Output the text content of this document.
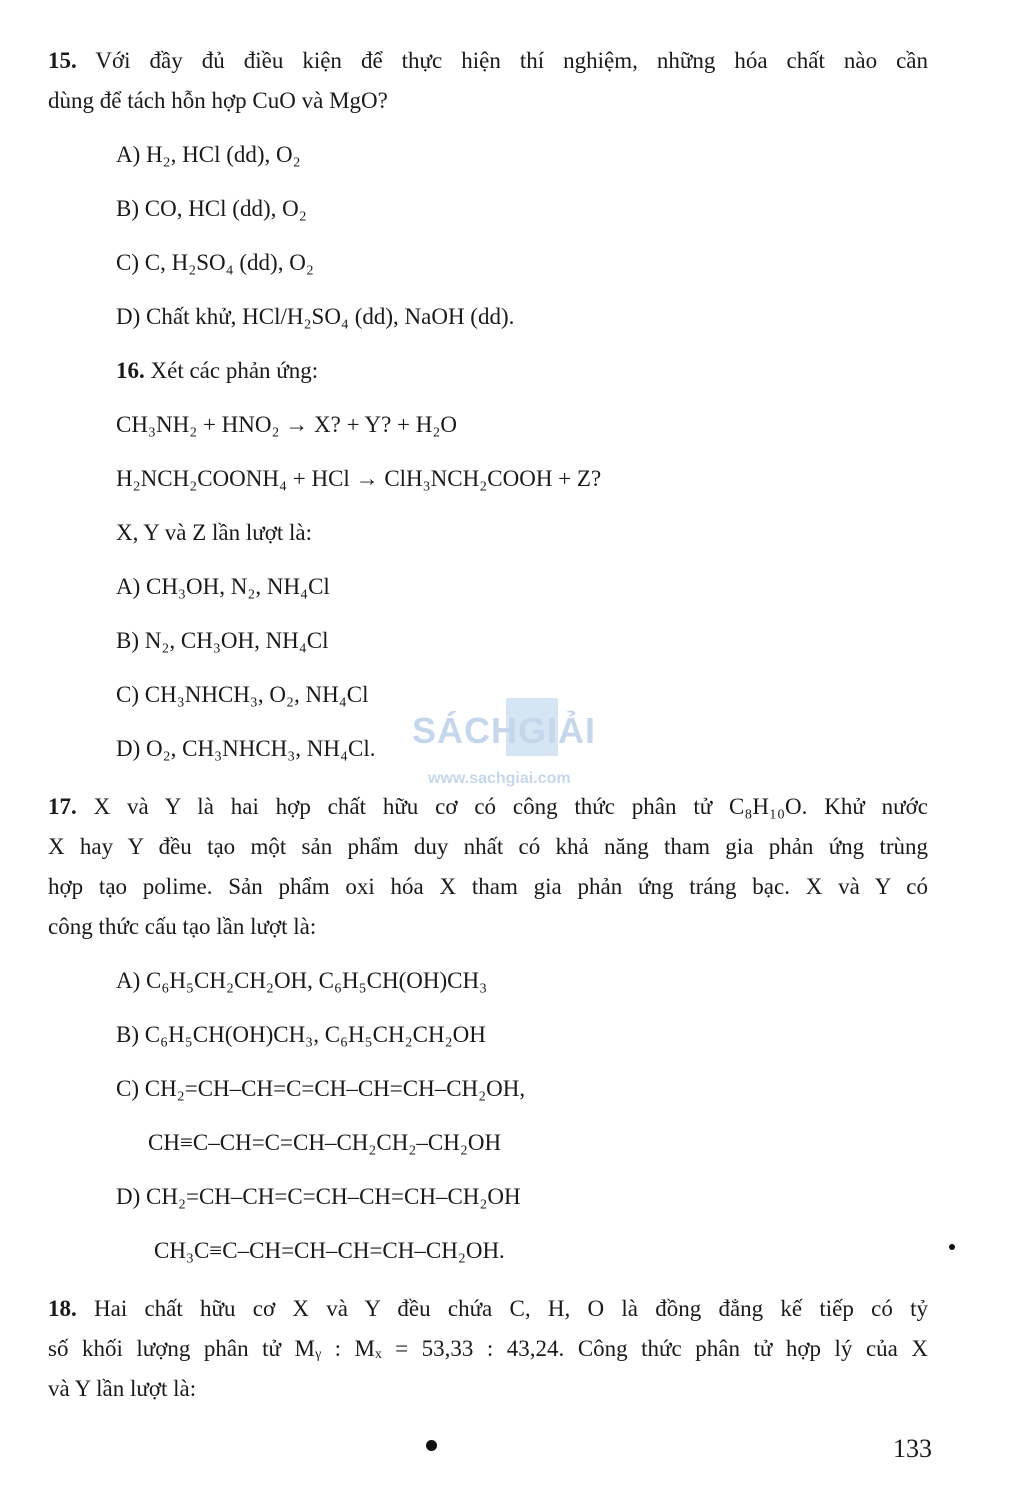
15. Với đầy đủ điều kiện để thực hiện thí nghiệm, những hóa chất nào cần
dùng để tách hỗn hợp CuO và MgO?
A) H₂, HCl (dd), O₂
B) CO, HCl (dd), O₂
C) C, H₂SO₄ (dd), O₂
D) Chất khử, HCl/H₂SO₄ (dd), NaOH (dd).
16. Xét các phản ứng:
CH₃NH₂ + HNO₂ → X? + Y? + H₂O
H₂NCH₂COONH₄ + HCl → ClH₃NCH₂COOH + Z?
X, Y và Z lần lượt là:
A) CH₃OH, N₂, NH₄Cl
B) N₂, CH₃OH, NH₄Cl
C) CH₃NHCH₃, O₂, NH₄Cl
D) O₂, CH₃NHCH₃, NH₄Cl. SÁCHGIẢI
www.sachgiai.com
17. X và Y là hai hợp chất hữu cơ có công thức phân tử C₈H₁₀O. Khử nước
X hay Y đều tạo một sản phẩm duy nhất có khả năng tham gia phản ứng trùng
hợp tạo polime. Sản phẩm oxi hóa X tham gia phản ứng tráng bạc. X và Y có
công thức cấu tạo lần lượt là:
A) C₆H₅CH₂CH₂OH, C₆H₅CH(OH)CH₃
B) C₆H₅CH(OH)CH₃, C₆H₅CH₂CH₂OH
C) CH₂=CH–CH=C=CH–CH=CH–CH₂OH,
CH≡C–CH=C=CH–CH₂CH₂–CH₂OH
D) CH₂=CH–CH=C=CH–CH=CH–CH₂OH
CH₃C≡C–CH=CH–CH=CH–CH₂OH.
18. Hai chất hữu cơ X và Y đều chứa C, H, O là đồng đẳng kế tiếp có tỷ
số khối lượng phân tử Mᵧ : Mₓ = 53,33 : 43,24. Công thức phân tử hợp lý của X
và Y lần lượt là:
133
